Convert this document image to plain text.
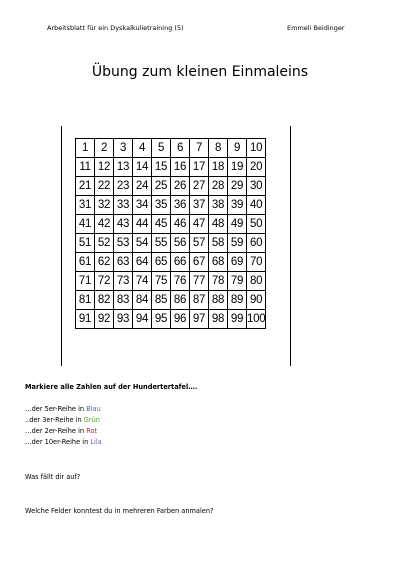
Arbeitsblatt für ein Dyskalkulietraining (5)	Emmeli Beidinger
Übung zum kleinen Einmaleins
1	2	3	4	5	6	7	8	9	10
11	12	13	14	15	16	17	18	19	20
21	22	23	24	25	26	27	28	29	30
31	32	33	34	35	36	37	38	39	40
41	42	43	44	45	46	47	48	49	50
51	52	53	54	55	56	57	58	59	60
61	62	63	64	65	66	67	68	69	70
71	72	73	74	75	76	77	78	79	80
81	82	83	84	85	86	87	88	89	90
91	92	93	94	95	96	97	98	99	100
Markiere alle Zahlen auf der Hundertertafel….
…der 5er-Reihe in Blau
..der 3er-Reihe in Grün
…der 2er-Reihe in Rot
…der 10er-Reihe in Lila
Was fällt dir auf?
Welche Felder konntest du in mehreren Farben anmalen?
